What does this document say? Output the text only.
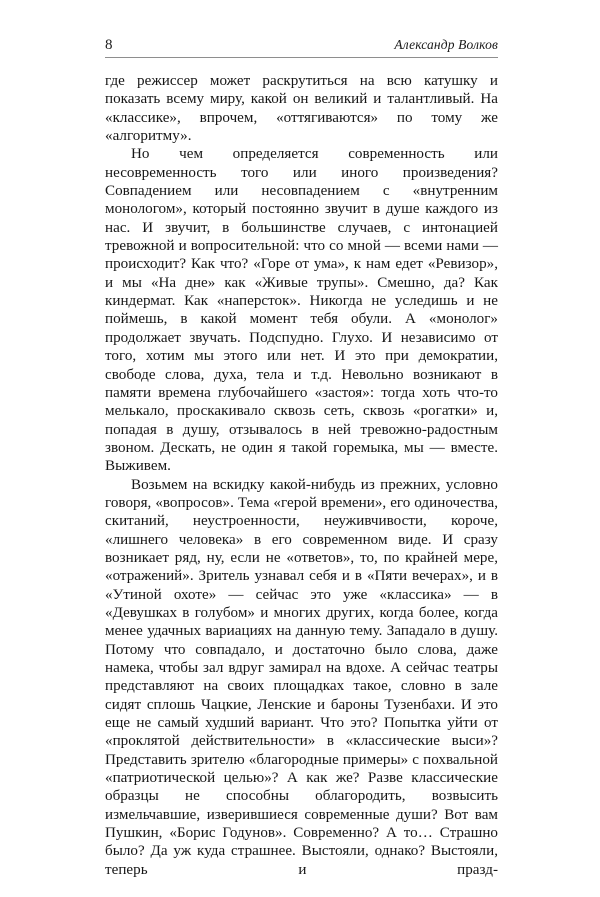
8	Александр Волков

где режиссер может раскрутиться на всю катушку и показать всему миру, какой он великий и талантливый. На «классике», впрочем, «оттягиваются» по тому же «алгоритму».

Но чем определяется современность или несовременность того или иного произведения? Совпадением или несовпадением с «внутренним монологом», который постоянно звучит в душе каждого из нас. И звучит, в большинстве случаев, с интонацией тревожной и вопросительной: что со мной — всеми нами — происходит? Как что? «Горе от ума», к нам едет «Ревизор», и мы «На дне» как «Живые трупы». Смешно, да? Как киндермат. Как «наперсток». Никогда не уследишь и не поймешь, в какой момент тебя обули. А «монолог» продолжает звучать. Подспудно. Глухо. И независимо от того, хотим мы этого или нет. И это при демократии, свободе слова, духа, тела и т.д. Невольно возникают в памяти времена глубочайшего «застоя»: тогда хоть что-то мелькало, проскакивало сквозь сеть, сквозь «рогатки» и, попадая в душу, отзывалось в ней тревожно-радостным звоном. Дескать, не один я такой горемыка, мы — вместе. Выживем.

Возьмем на вскидку какой-нибудь из прежних, условно говоря, «вопросов». Тема «герой времени», его одиночества, скитаний, неустроенности, неуживчивости, короче, «лишнего человека» в его современном виде. И сразу возникает ряд, ну, если не «ответов», то, по крайней мере, «отражений». Зритель узнавал себя и в «Пяти вечерах», и в «Утиной охоте» — сейчас это уже «классика» — в «Девушках в голубом» и многих других, когда более, когда менее удачных вариациях на данную тему. Западало в душу. Потому что совпадало, и достаточно было слова, даже намека, чтобы зал вдруг замирал на вдохе. А сейчас театры представляют на своих площадках такое, словно в зале сидят сплошь Чацкие, Ленские и бароны Тузенбахи. И это еще не самый худший вариант. Что это? Попытка уйти от «проклятой действительности» в «классические выси»? Представить зрителю «благородные примеры» с похвальной «патриотической целью»? А как же? Разве классические образцы не способны облагородить, возвысить измельчавшие, изверившиеся современные души? Вот вам Пушкин, «Борис Годунов». Современно? А то… Страшно было? Да уж куда страшнее. Выстояли, однако? Выстояли, теперь и празд-
